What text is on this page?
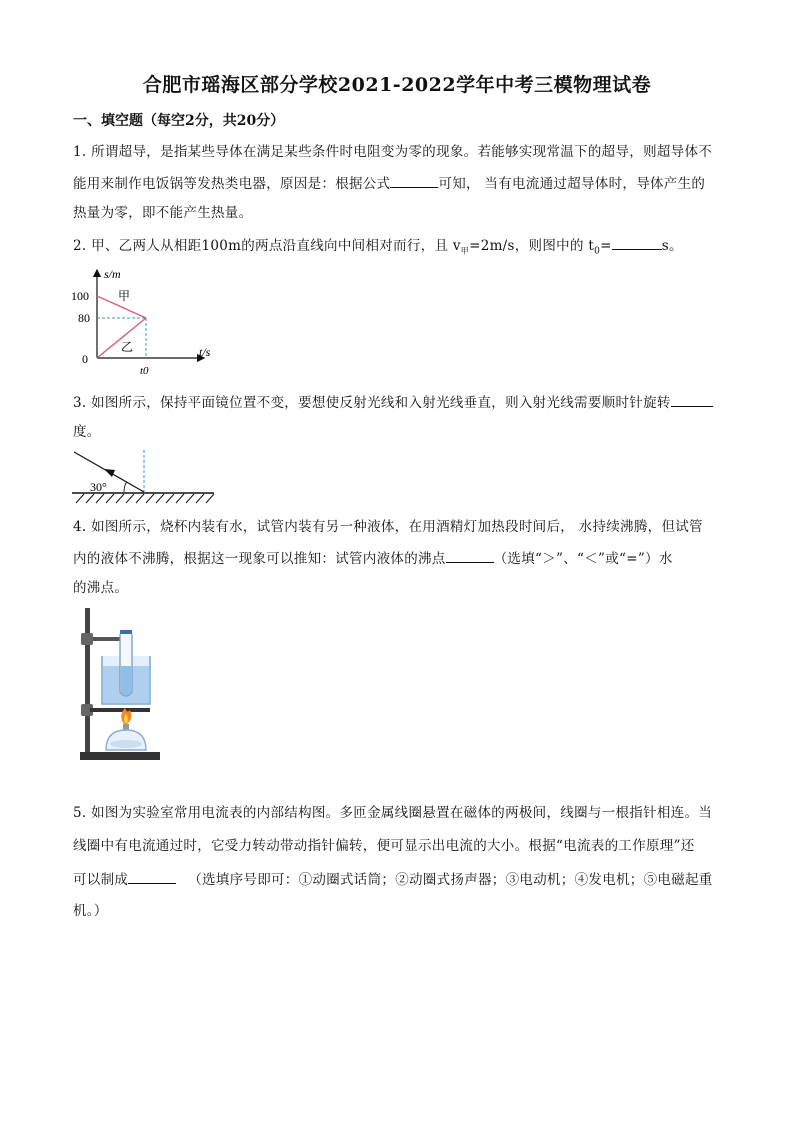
合肥市瑶海区部分学校2021-2022学年中考三模物理试卷
一、填空题（每空2分，共20分）
1. 所谓超导，是指某些导体在满足某些条件时电阻变为零的现象。若能够实现常温下的超导，则超导体不
能用来制作电饭锅等发热类电器，原因是：根据公式	可知， 当有电流通过超导体时，导体产生的
热量为零，即不能产生热量。
2. 甲、乙两人从相距100m的两点沿直线向中间相对而行，且 $v_甲=2m/s$，则图中的 $t_0=$	s。
s/m
t/s
100
80
0
t0
甲
乙
3. 如图所示，保持平面镜位置不变，要想使反射光线和入射光线垂直，则入射光线需要顺时针旋转
度。
30°
4. 如图所示，烧杯内装有水，试管内装有另一种液体，在用酒精灯加热段时间后， 水持续沸腾，但试管
内的液体不沸腾，根据这一现象可以推知：试管内液体的沸点	（选填“＞”、“＜”或“=”）水
的沸点。
5. 如图为实验室常用电流表的内部结构图。多匝金属线圈悬置在磁体的两极间，线圈与一根指针相连。当
线圈中有电流通过时，它受力转动带动指针偏转，便可显示出电流的大小。根据“电流表的工作原理”还
可以制成	（选填序号即可：①动圈式话筒；②动圈式扬声器；③电动机；④发电机；⑤电磁起重
机。）
